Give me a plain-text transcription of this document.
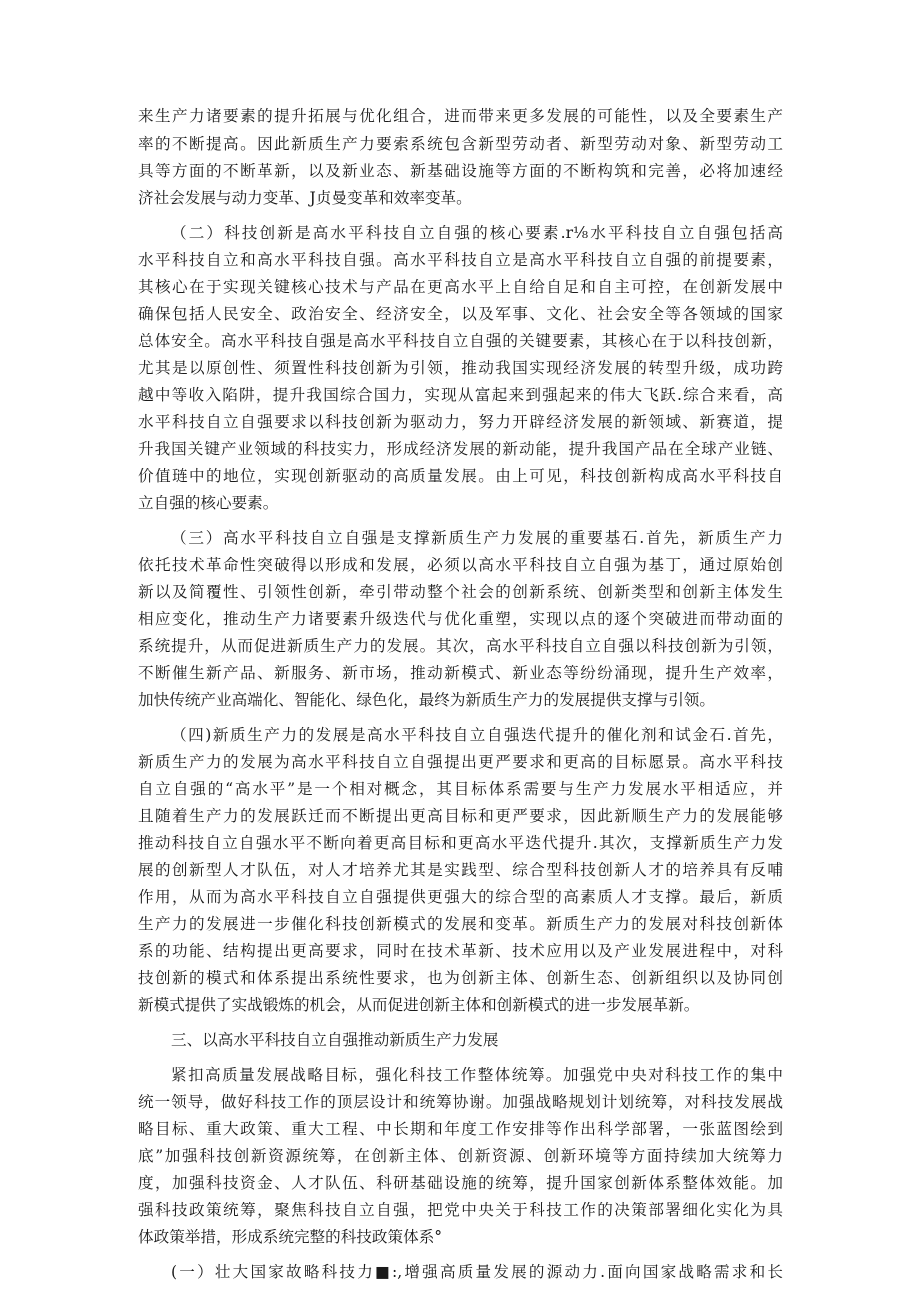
来生产力诸要素的提升拓展与优化组合，进而带来更多发展的可能性，以及全要素生产
率的不断提高。因此新质生产力要索系统包含新型劳动者、新型劳动对象、新型劳动工
具等方面的不断革新，以及新业态、新基础设施等方面的不断构筑和完善，必将加速经
济社会发展与动力变革、J贞曼变革和效率变革。
（二）科技创新是高水平科技自立自强的核心要素.r⅛水平科技自立自强包括高
水平科技自立和高水平科技自强。高水平科技自立是高水平科技自立自强的前提要素，
其核心在于实现关键核心技术与产品在更高水平上自给自足和自主可控，在创新发展中
确保包括人民安全、政治安全、经济安全，以及军事、文化、社会安全等各领域的国家
总体安全。高水平科技自强是高水平科技自立自强的关键要素，其核心在于以科技创新，
尤其是以原创性、须置性科技创新为引领，推动我国实现经济发展的转型升级，成功跨
越中等收入陷阱，提升我国综合国力，实现从富起来到强起来的伟大飞跃.综合来看，高
水平科技自立自强要求以科技创新为驱动力，努力开辟经济发展的新领域、新赛道，提
升我国关键产业领域的科技实力，形成经济发展的新动能，提升我国产品在全球产业链、
价值琏中的地位，实现创新驱动的高质量发展。由上可见，科技创新构成高水平科技自
立自强的核心要素。
（三）高水平科技自立自强是支撑新质生产力发展的重要基石.首先，新质生产力
依托技术革命性突破得以形成和发展，必须以高水平科技自立自强为基丁，通过原始创
新以及简覆性、引领性创新，牵引带动整个社会的创新系统、创新类型和创新主体发生
相应变化，推动生产力诸要素升级迭代与优化重塑，实现以点的逐个突破进而带动面的
系统提升，从而促进新质生产力的发展。其次，高水平科技自立自强以科技创新为引领，
不断催生新产品、新服务、新市场，推动新模式、新业态等纷纷涌现，提升生产效率，
加快传统产业高端化、智能化、绿色化，最终为新质生产力的发展提供支撑与引领。
（四)新质生产力的发展是高水平科技自立自强迭代提升的催化剂和试金石.首先，
新质生产力的发展为高水平科技自立自强提出更严要求和更高的目标愿景。高水平科技
自立自强的“高水平”是一个相对概念，其目标体系需要与生产力发展水平相适应，并
且随着生产力的发展跃迁而不断提出更高目标和更严要求，因此新顺生产力的发展能够
推动科技自立自强水平不断向着更高目标和更高水平迭代提升.其次，支撑新质生产力发
展的创新型人才队伍，对人才培养尤其是实践型、综合型科技创新人才的培养具有反哺
作用，从而为高水平科技自立自强提供更强大的综合型的高素质人才支撑。最后，新质
生产力的发展进一步催化科技创新模式的发展和变革。新质生产力的发展对科技创新体
系的功能、结构提出更高要求，同时在技术革新、技术应用以及产业发展进程中，对科
技创新的模式和体系提出系统性要求，也为创新主体、创新生态、创新组织以及协同创
新模式提供了实战锻炼的机会，从而促进创新主体和创新模式的进一步发展革新。
三、以高水平科技自立自强推动新质生产力发展
紧扣高质量发展战略目标，强化科技工作整体统筹。加强党中央对科技工作的集中
统一领导，做好科技工作的顶层设计和统筹协谢。加强战略规划计划统筹，对科技发展战
略目标、重大政策、重大工程、中长期和年度工作安排等作出科学部署，一张蓝图绘到
底”加强科技创新资源统筹，在创新主体、创新资源、创新环境等方面持续加大统筹力
度，加强科技资金、人才队伍、科研基础设施的统筹，提升国家创新体系整体效能。加
强科技政策统筹，聚焦科技自立自强，把党中央关于科技工作的决策部署细化实化为具
体政策举措，形成系统完整的科技政策体系°
(一）壮大国家故略科技力■:,增强高质量发展的源动力.面向国家战略需求和长
